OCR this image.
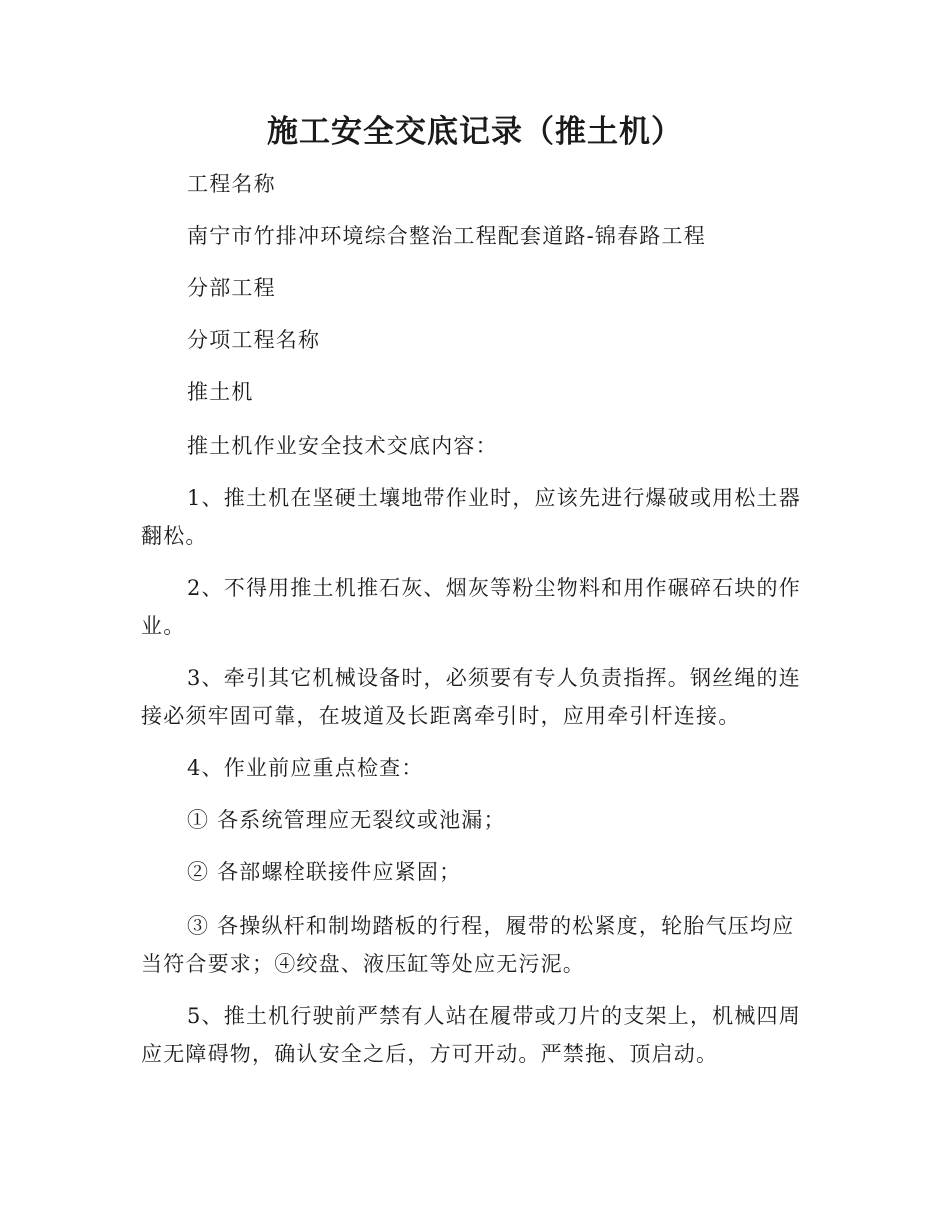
施工安全交底记录（推土机）

工程名称

南宁市竹排冲环境综合整治工程配套道路-锦春路工程

分部工程

分项工程名称

推土机

推土机作业安全技术交底内容：

1、推土机在坚硬土壤地带作业时，应该先进行爆破或用松土器翻松。

2、不得用推土机推石灰、烟灰等粉尘物料和用作碾碎石块的作业。

3、牵引其它机械设备时，必须要有专人负责指挥。钢丝绳的连接必须牢固可靠，在坡道及长距离牵引时，应用牵引杆连接。

4、作业前应重点检查：

① 各系统管理应无裂纹或池漏；

② 各部螺栓联接件应紧固；

③ 各操纵杆和制坳踏板的行程，履带的松紧度，轮胎气压均应当符合要求；④绞盘、液压缸等处应无污泥。

5、推土机行驶前严禁有人站在履带或刀片的支架上，机械四周应无障碍物，确认安全之后，方可开动。严禁拖、顶启动。
